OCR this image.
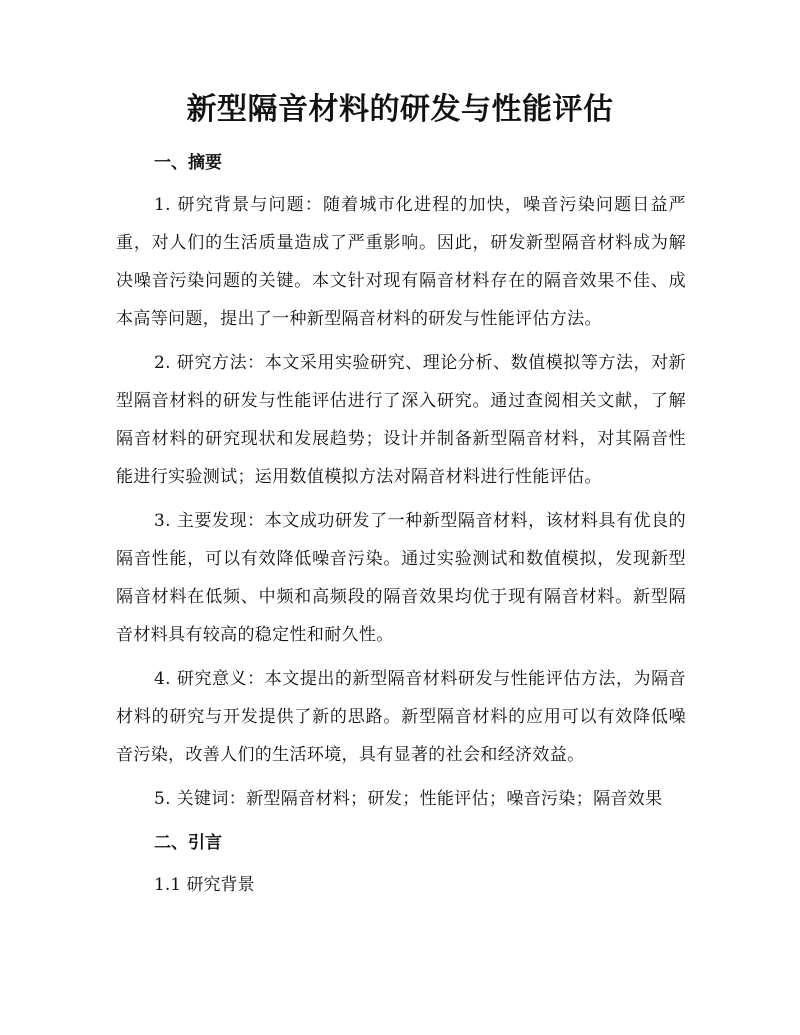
新型隔音材料的研发与性能评估
一、摘要

1. 研究背景与问题：随着城市化进程的加快，噪音污染问题日益严重，对人们的生活质量造成了严重影响。因此，研发新型隔音材料成为解决噪音污染问题的关键。本文针对现有隔音材料存在的隔音效果不佳、成本高等问题，提出了一种新型隔音材料的研发与性能评估方法。

2. 研究方法：本文采用实验研究、理论分析、数值模拟等方法，对新型隔音材料的研发与性能评估进行了深入研究。通过查阅相关文献，了解隔音材料的研究现状和发展趋势；设计并制备新型隔音材料，对其隔音性能进行实验测试；运用数值模拟方法对隔音材料进行性能评估。

3. 主要发现：本文成功研发了一种新型隔音材料，该材料具有优良的隔音性能，可以有效降低噪音污染。通过实验测试和数值模拟，发现新型隔音材料在低频、中频和高频段的隔音效果均优于现有隔音材料。新型隔音材料具有较高的稳定性和耐久性。

4. 研究意义：本文提出的新型隔音材料研发与性能评估方法，为隔音材料的研究与开发提供了新的思路。新型隔音材料的应用可以有效降低噪音污染，改善人们的生活环境，具有显著的社会和经济效益。

5. 关键词：新型隔音材料；研发；性能评估；噪音污染；隔音效果

二、引言
1.1 研究背景
